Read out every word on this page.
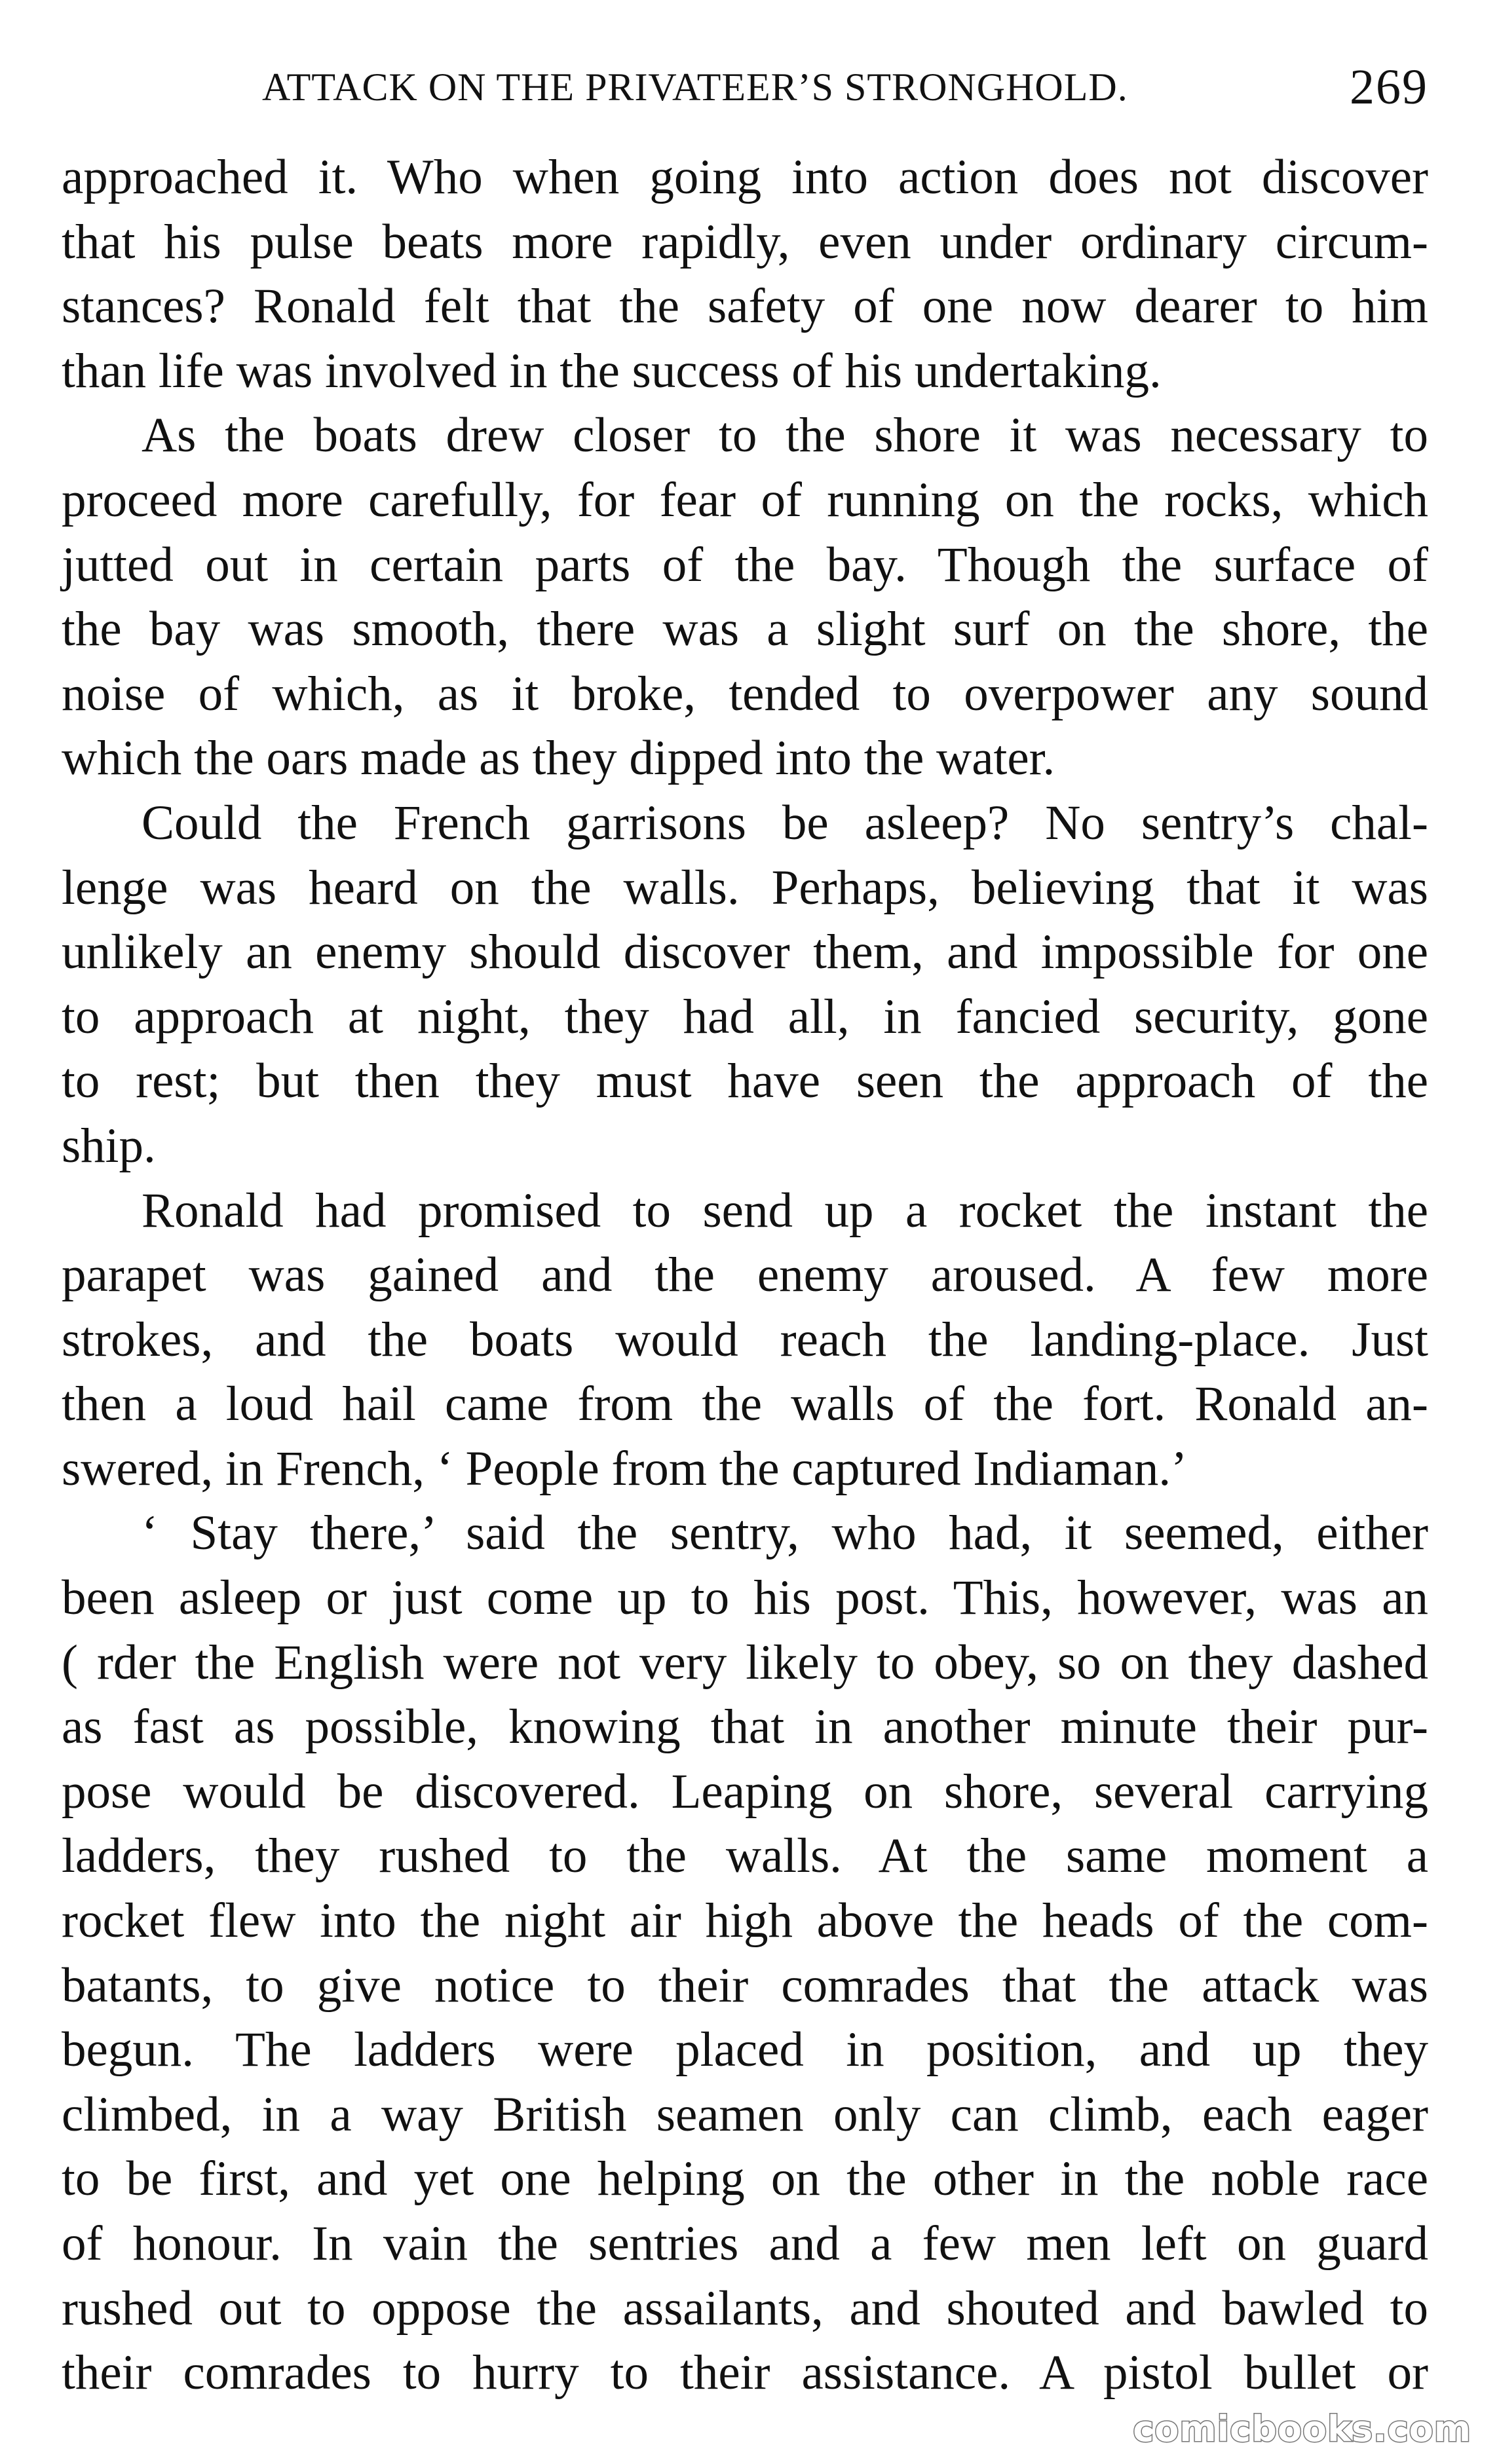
ATTACK ON THE PRIVATEER’S STRONGHOLD.	269
approached it. Who when going into action does not discover
that his pulse beats more rapidly, even under ordinary circum-
stances? Ronald felt that the safety of one now dearer to him
than life was involved in the success of his undertaking.
As the boats drew closer to the shore it was necessary to
proceed more carefully, for fear of running on the rocks, which
jutted out in certain parts of the bay. Though the surface of
the bay was smooth, there was a slight surf on the shore, the
noise of which, as it broke, tended to overpower any sound
which the oars made as they dipped into the water.
Could the French garrisons be asleep? No sentry’s chal-
lenge was heard on the walls. Perhaps, believing that it was
unlikely an enemy should discover them, and impossible for one
to approach at night, they had all, in fancied security, gone
to rest; but then they must have seen the approach of the
ship.
Ronald had promised to send up a rocket the instant the
parapet was gained and the enemy aroused. A few more
strokes, and the boats would reach the landing-place. Just
then a loud hail came from the walls of the fort. Ronald an-
swered, in French, ‘ People from the captured Indiaman.’
‘ Stay there,’ said the sentry, who had, it seemed, either
been asleep or just come up to his post. This, however, was an
( rder the English were not very likely to obey, so on they dashed
as fast as possible, knowing that in another minute their pur-
pose would be discovered. Leaping on shore, several carrying
ladders, they rushed to the walls. At the same moment a
rocket flew into the night air high above the heads of the com-
batants, to give notice to their comrades that the attack was
begun. The ladders were placed in position, and up they
climbed, in a way British seamen only can climb, each eager
to be first, and yet one helping on the other in the noble race
of honour. In vain the sentries and a few men left on guard
rushed out to oppose the assailants, and shouted and bawled to
their comrades to hurry to their assistance. A pistol bullet or
comicbooks.com
